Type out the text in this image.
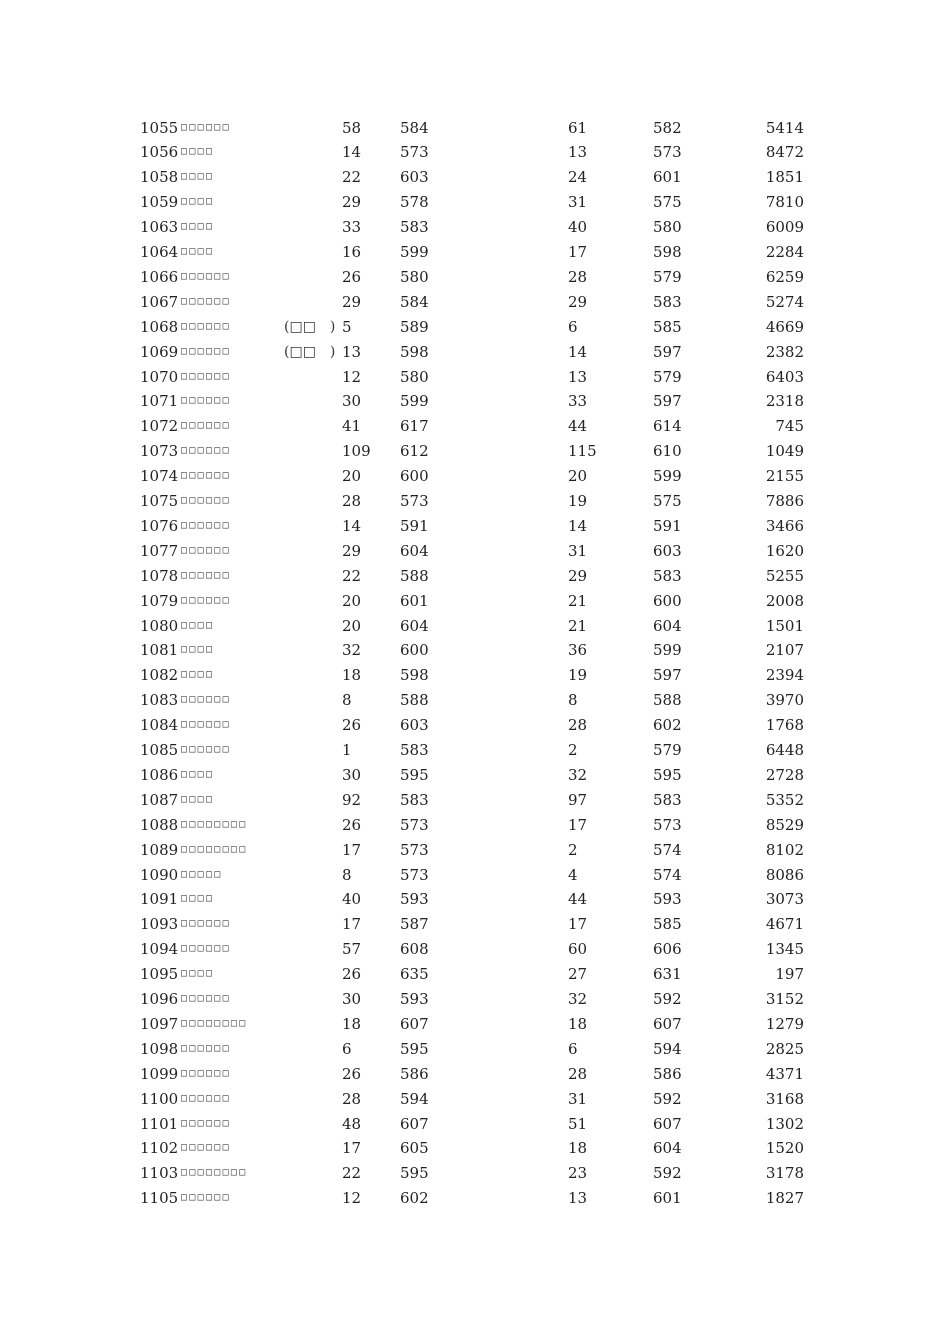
1055 □□□□□□	58	584	61	582	5414
1056 □□□□	14	573	13	573	8472
1058 □□□□	22	603	24	601	1851
1059 □□□□	29	578	31	575	7810
1063 □□□□	33	583	40	580	6009
1064 □□□□	16	599	17	598	2284
1066 □□□□□□	26	580	28	579	6259
1067 □□□□□□	29	584	29	583	5274
1068 □□□□□□	(□□　) 5	589	6	585	4669
1069 □□□□□□	(□□　) 13	598	14	597	2382
1070 □□□□□□	12	580	13	579	6403
1071 □□□□□□	30	599	33	597	2318
1072 □□□□□□	41	617	44	614	745
1073 □□□□□□	109 612	115	610	1049
1074 □□□□□□	20	600	20	599	2155
1075 □□□□□□	28	573	19	575	7886
1076 □□□□□□	14	591	14	591	3466
1077 □□□□□□	29	604	31	603	1620
1078 □□□□□□	22	588	29	583	5255
1079 □□□□□□	20	601	21	600	2008
1080 □□□□	20	604	21	604	1501
1081 □□□□	32	600	36	599	2107
1082 □□□□	18	598	19	597	2394
1083 □□□□□□	8	588	8	588	3970
1084 □□□□□□	26	603	28	602	1768
1085 □□□□□□	1	583	2	579	6448
1086 □□□□	30	595	32	595	2728
1087 □□□□	92	583	97	583	5352
1088 □□□□□□□□	26	573	17	573	8529
1089 □□□□□□□□	17	573	2	574	8102
1090 □□□□□	8	573	4	574	8086
1091 □□□□	40	593	44	593	3073
1093 □□□□□□	17	587	17	585	4671
1094 □□□□□□	57	608	60	606	1345
1095 □□□□	26	635	27	631	197
1096 □□□□□□	30	593	32	592	3152
1097 □□□□□□□□	18	607	18	607	1279
1098 □□□□□□	6	595	6	594	2825
1099 □□□□□□	26	586	28	586	4371
1100 □□□□□□	28	594	31	592	3168
1101 □□□□□□	48	607	51	607	1302
1102 □□□□□□	17	605	18	604	1520
1103 □□□□□□□□	22	595	23	592	3178
1105 □□□□□□	12	602	13	601	1827
